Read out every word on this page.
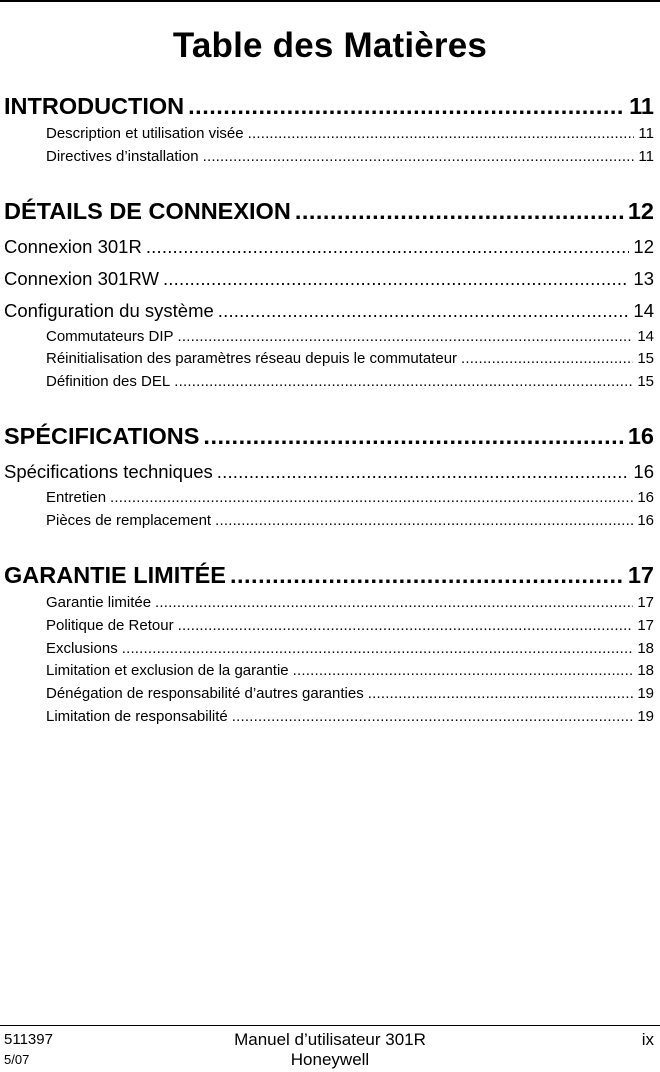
Table des Matières
INTRODUCTION .....	11
Description et utilisation visée .....	11
Directives d’installation .....	11
DÉTAILS DE CONNEXION .....	12
Connexion 301R .....	12
Connexion 301RW .....	13
Configuration du système .....	14
Commutateurs DIP .....	14
Réinitialisation des paramètres réseau depuis le commutateur .....	15
Définition des DEL .....	15
SPÉCIFICATIONS .....	16
Spécifications techniques .....	16
Entretien .....	16
Pièces de remplacement .....	16
GARANTIE LIMITÉE .....	17
Garantie limitée .....	17
Politique de Retour .....	17
Exclusions .....	18
Limitation et exclusion de la garantie .....	18
Dénégation de responsabilité d’autres garanties .....	19
Limitation de responsabilité .....	19
511397
5/07
Manuel d’utilisateur 301R
Honeywell
ix
